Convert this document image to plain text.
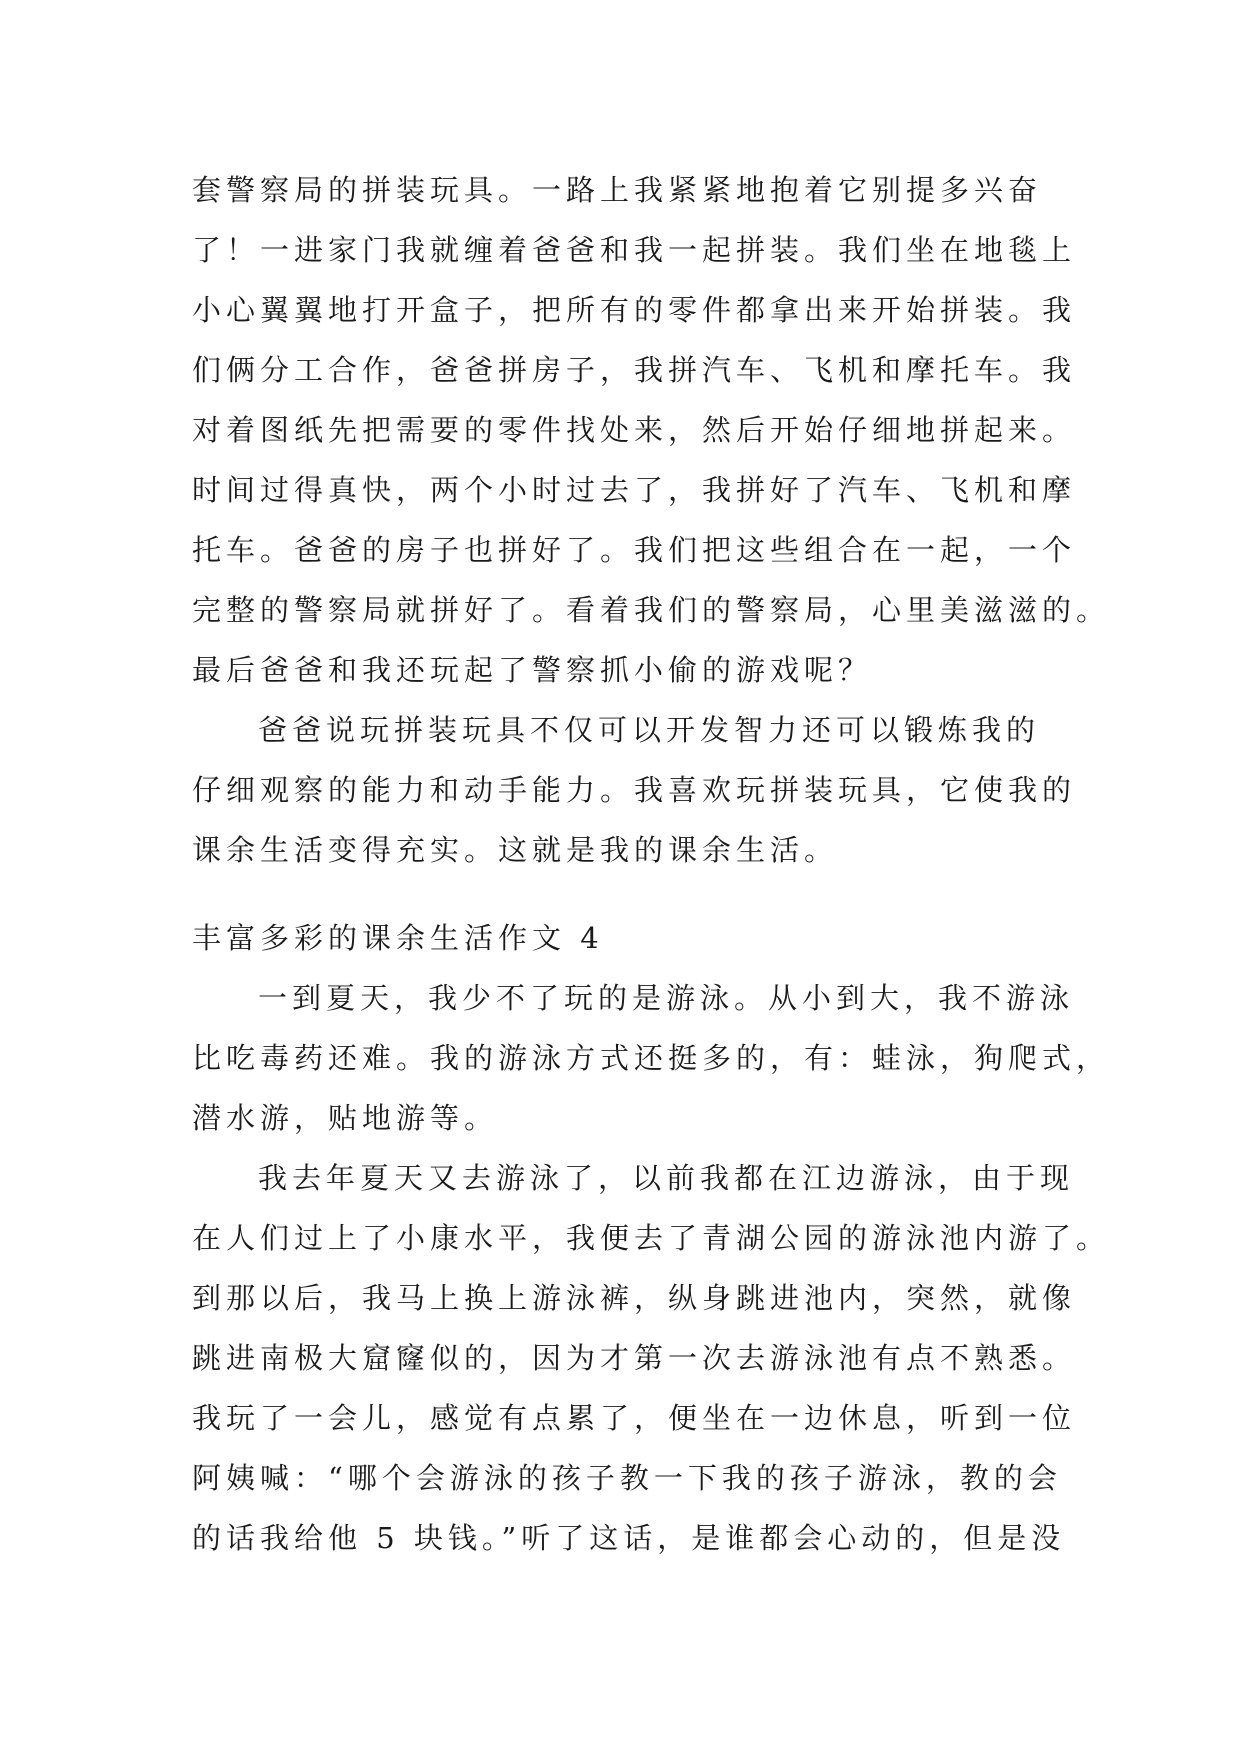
套警察局的拼装玩具。一路上我紧紧地抱着它别提多兴奋
了！一进家门我就缠着爸爸和我一起拼装。我们坐在地毯上
小心翼翼地打开盒子，把所有的零件都拿出来开始拼装。我
们俩分工合作，爸爸拼房子，我拼汽车、飞机和摩托车。我
对着图纸先把需要的零件找处来，然后开始仔细地拼起来。
时间过得真快，两个小时过去了，我拼好了汽车、飞机和摩
托车。爸爸的房子也拼好了。我们把这些组合在一起，一个
完整的警察局就拼好了。看着我们的警察局，心里美滋滋的。
最后爸爸和我还玩起了警察抓小偷的游戏呢？
爸爸说玩拼装玩具不仅可以开发智力还可以锻炼我的
仔细观察的能力和动手能力。我喜欢玩拼装玩具，它使我的
课余生活变得充实。这就是我的课余生活。
丰富多彩的课余生活作文 4
一到夏天，我少不了玩的是游泳。从小到大，我不游泳
比吃毒药还难。我的游泳方式还挺多的，有：蛙泳，狗爬式，
潜水游，贴地游等。
我去年夏天又去游泳了，以前我都在江边游泳，由于现
在人们过上了小康水平，我便去了青湖公园的游泳池内游了。
到那以后，我马上换上游泳裤，纵身跳进池内，突然，就像
跳进南极大窟窿似的，因为才第一次去游泳池有点不熟悉。
我玩了一会儿，感觉有点累了，便坐在一边休息，听到一位
阿姨喊：“哪个会游泳的孩子教一下我的孩子游泳，教的会
的话我给他 5 块钱。”听了这话，是谁都会心动的，但是没
